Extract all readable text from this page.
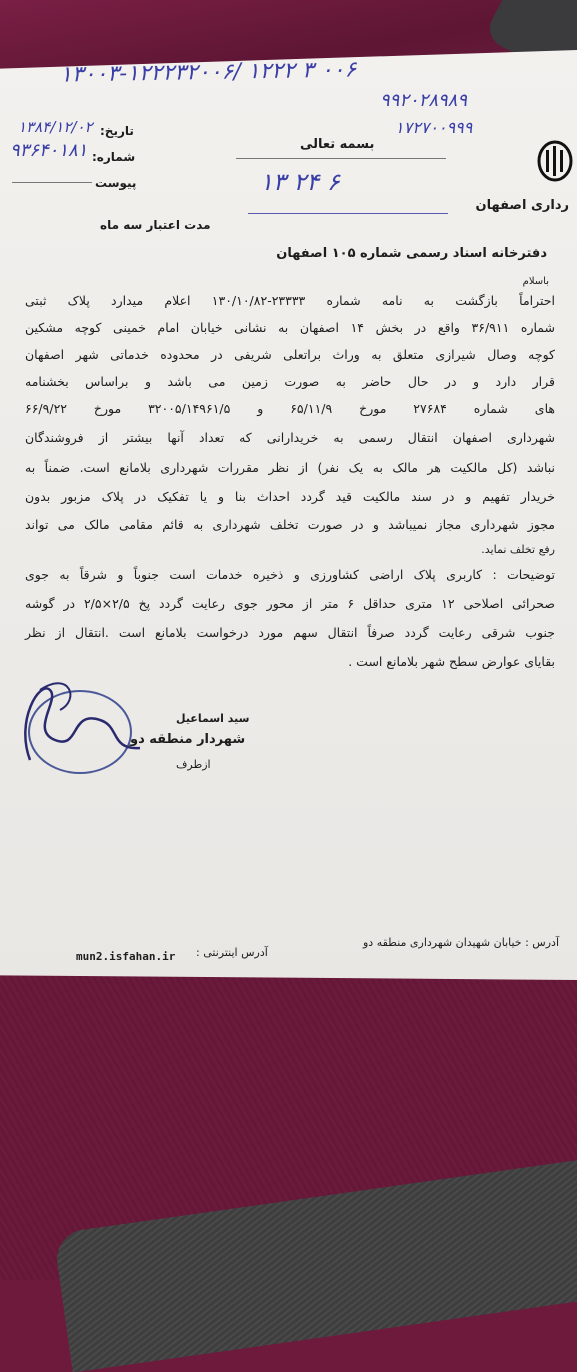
۱۳۰۰۳-۱۲۲۲۳۲۰۰۶/ ۱۲۲۲ ۳ ۰۰۶
۹۹۲۰۲۸۹۸۹
۱۷۲۷۰۰۹۹۹
رداری اصفهان
تاریخ:
۱۳۸۴/۱۲/۰۲
شماره:
۹۳۶۴۰۱۸۱
پیوست
مدت اعتبار سه ماه
بسمه تعالی
۱۳ ۲۴ ۶
دفترخانه اسناد رسمی شماره ۱۰۵ اصفهان
باسلام
احتراماً بازگشت به نامه شماره ۲۳۳۳۳-۱۳۰/۱۰/۸۲ اعلام میدارد پلاک ثبتی
شماره ۳۶/۹۱۱ واقع در بخش ۱۴ اصفهان به نشانی خیابان امام خمینی کوچه مشکین
کوچه وصال شیرازی متعلق به وراث براتعلی شریفی در محدوده خدماتی شهر اصفهان
قرار دارد و در حال حاضر به صورت زمین می باشد و براساس بخشنامه
های شماره ۲۷۶۸۴ مورخ ۶۵/۱۱/۹ و ۳۲۰۰۵/۱۴۹۶۱/۵ مورخ ۶۶/۹/۲۲
شهرداری اصفهان انتقال رسمی به خریدارانی که تعداد آنها بیشتر از فروشندگان
نباشد (کل مالکیت هر مالک به یک نفر) از نظر مقررات شهرداری بلامانع است. ضمناً به
خریدار تفهیم و در سند مالکیت قید گردد احداث بنا و یا تفکیک در پلاک مزبور بدون
مجوز شهرداری مجاز نمیباشد و در صورت تخلف شهرداری به قائم مقامی مالک می تواند
رفع تخلف نماید.
توضیحات : کاربری پلاک اراضی کشاورزی و ذخیره خدمات است جنوباً و شرقاً به جوی
صحرائی اصلاحی ۱۲ متری حداقل ۶ متر از محور جوی رعایت گردد پخ ۲/۵×۲/۵ در گوشه
جنوب شرقی رعایت گردد صرفاً انتقال سهم مورد درخواست بلامانع است .انتقال از نظر
بقایای عوارض سطح شهر بلامانع است .
سید اسماعیل
شهردار منطقه دو
ازطرف
آدرس : خیابان شهیدان شهرداری منطقه دو
آدرس اینترنتی :
mun2.isfahan.ir
